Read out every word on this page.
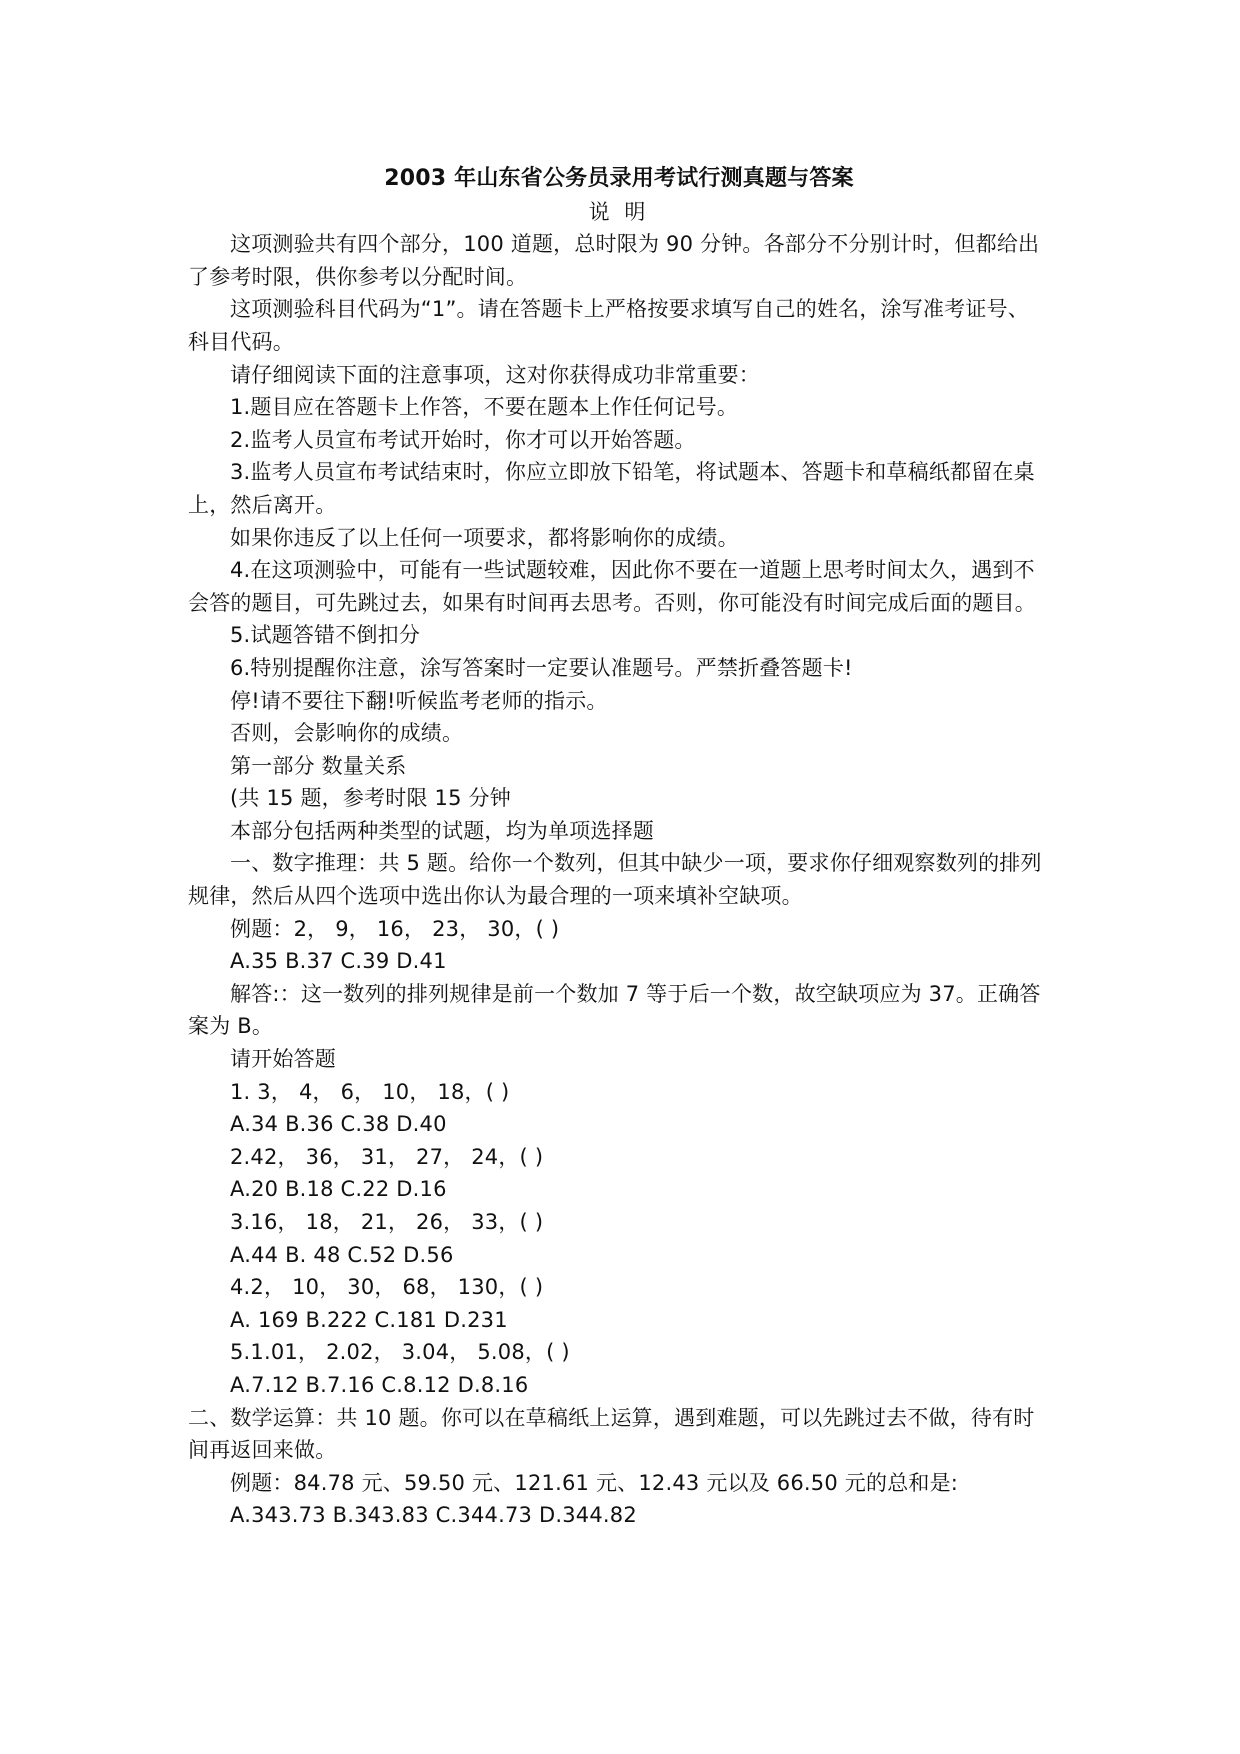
2003 年山东省公务员录用考试行测真题与答案

说 明

这项测验共有四个部分，100 道题，总时限为 90 分钟。各部分不分别计时，但都给出了参考时限，供你参考以分配时间。

这项测验科目代码为“1”。请在答题卡上严格按要求填写自己的姓名，涂写准考证号、科目代码。

请仔细阅读下面的注意事项，这对你获得成功非常重要：

1.题目应在答题卡上作答，不要在题本上作任何记号。

2.监考人员宣布考试开始时，你才可以开始答题。

3.监考人员宣布考试结束时，你应立即放下铅笔，将试题本、答题卡和草稿纸都留在桌上，然后离开。

如果你违反了以上任何一项要求，都将影响你的成绩。

4.在这项测验中，可能有一些试题较难，因此你不要在一道题上思考时间太久，遇到不会答的题目，可先跳过去，如果有时间再去思考。否则，你可能没有时间完成后面的题目。

5.试题答错不倒扣分

6.特别提醒你注意，涂写答案时一定要认准题号。严禁折叠答题卡!

停!请不要往下翻!听候监考老师的指示。

否则，会影响你的成绩。

第一部分 数量关系

(共 15 题，参考时限 15 分钟

本部分包括两种类型的试题，均为单项选择题

一、数字推理：共 5 题。给你一个数列，但其中缺少一项，要求你仔细观察数列的排列规律，然后从四个选项中选出你认为最合理的一项来填补空缺项。

例题：2， 9， 16， 23， 30，( )

A.35 B.37 C.39 D.41

解答:：这一数列的排列规律是前一个数加 7 等于后一个数，故空缺项应为 37。正确答案为 B。

请开始答题

1. 3， 4， 6， 10， 18，( )

A.34 B.36 C.38 D.40

2.42， 36， 31， 27， 24，( )

A.20 B.18 C.22 D.16

3.16， 18， 21， 26， 33，( )

A.44 B. 48 C.52 D.56

4.2， 10， 30， 68， 130，( )

A. 169 B.222 C.181 D.231

5.1.01， 2.02， 3.04， 5.08，( )

A.7.12 B.7.16 C.8.12 D.8.16

二、数学运算：共 10 题。你可以在草稿纸上运算，遇到难题，可以先跳过去不做，待有时间再返回来做。

例题：84.78 元、59.50 元、121.61 元、12.43 元以及 66.50 元的总和是:

A.343.73 B.343.83 C.344.73 D.344.82
